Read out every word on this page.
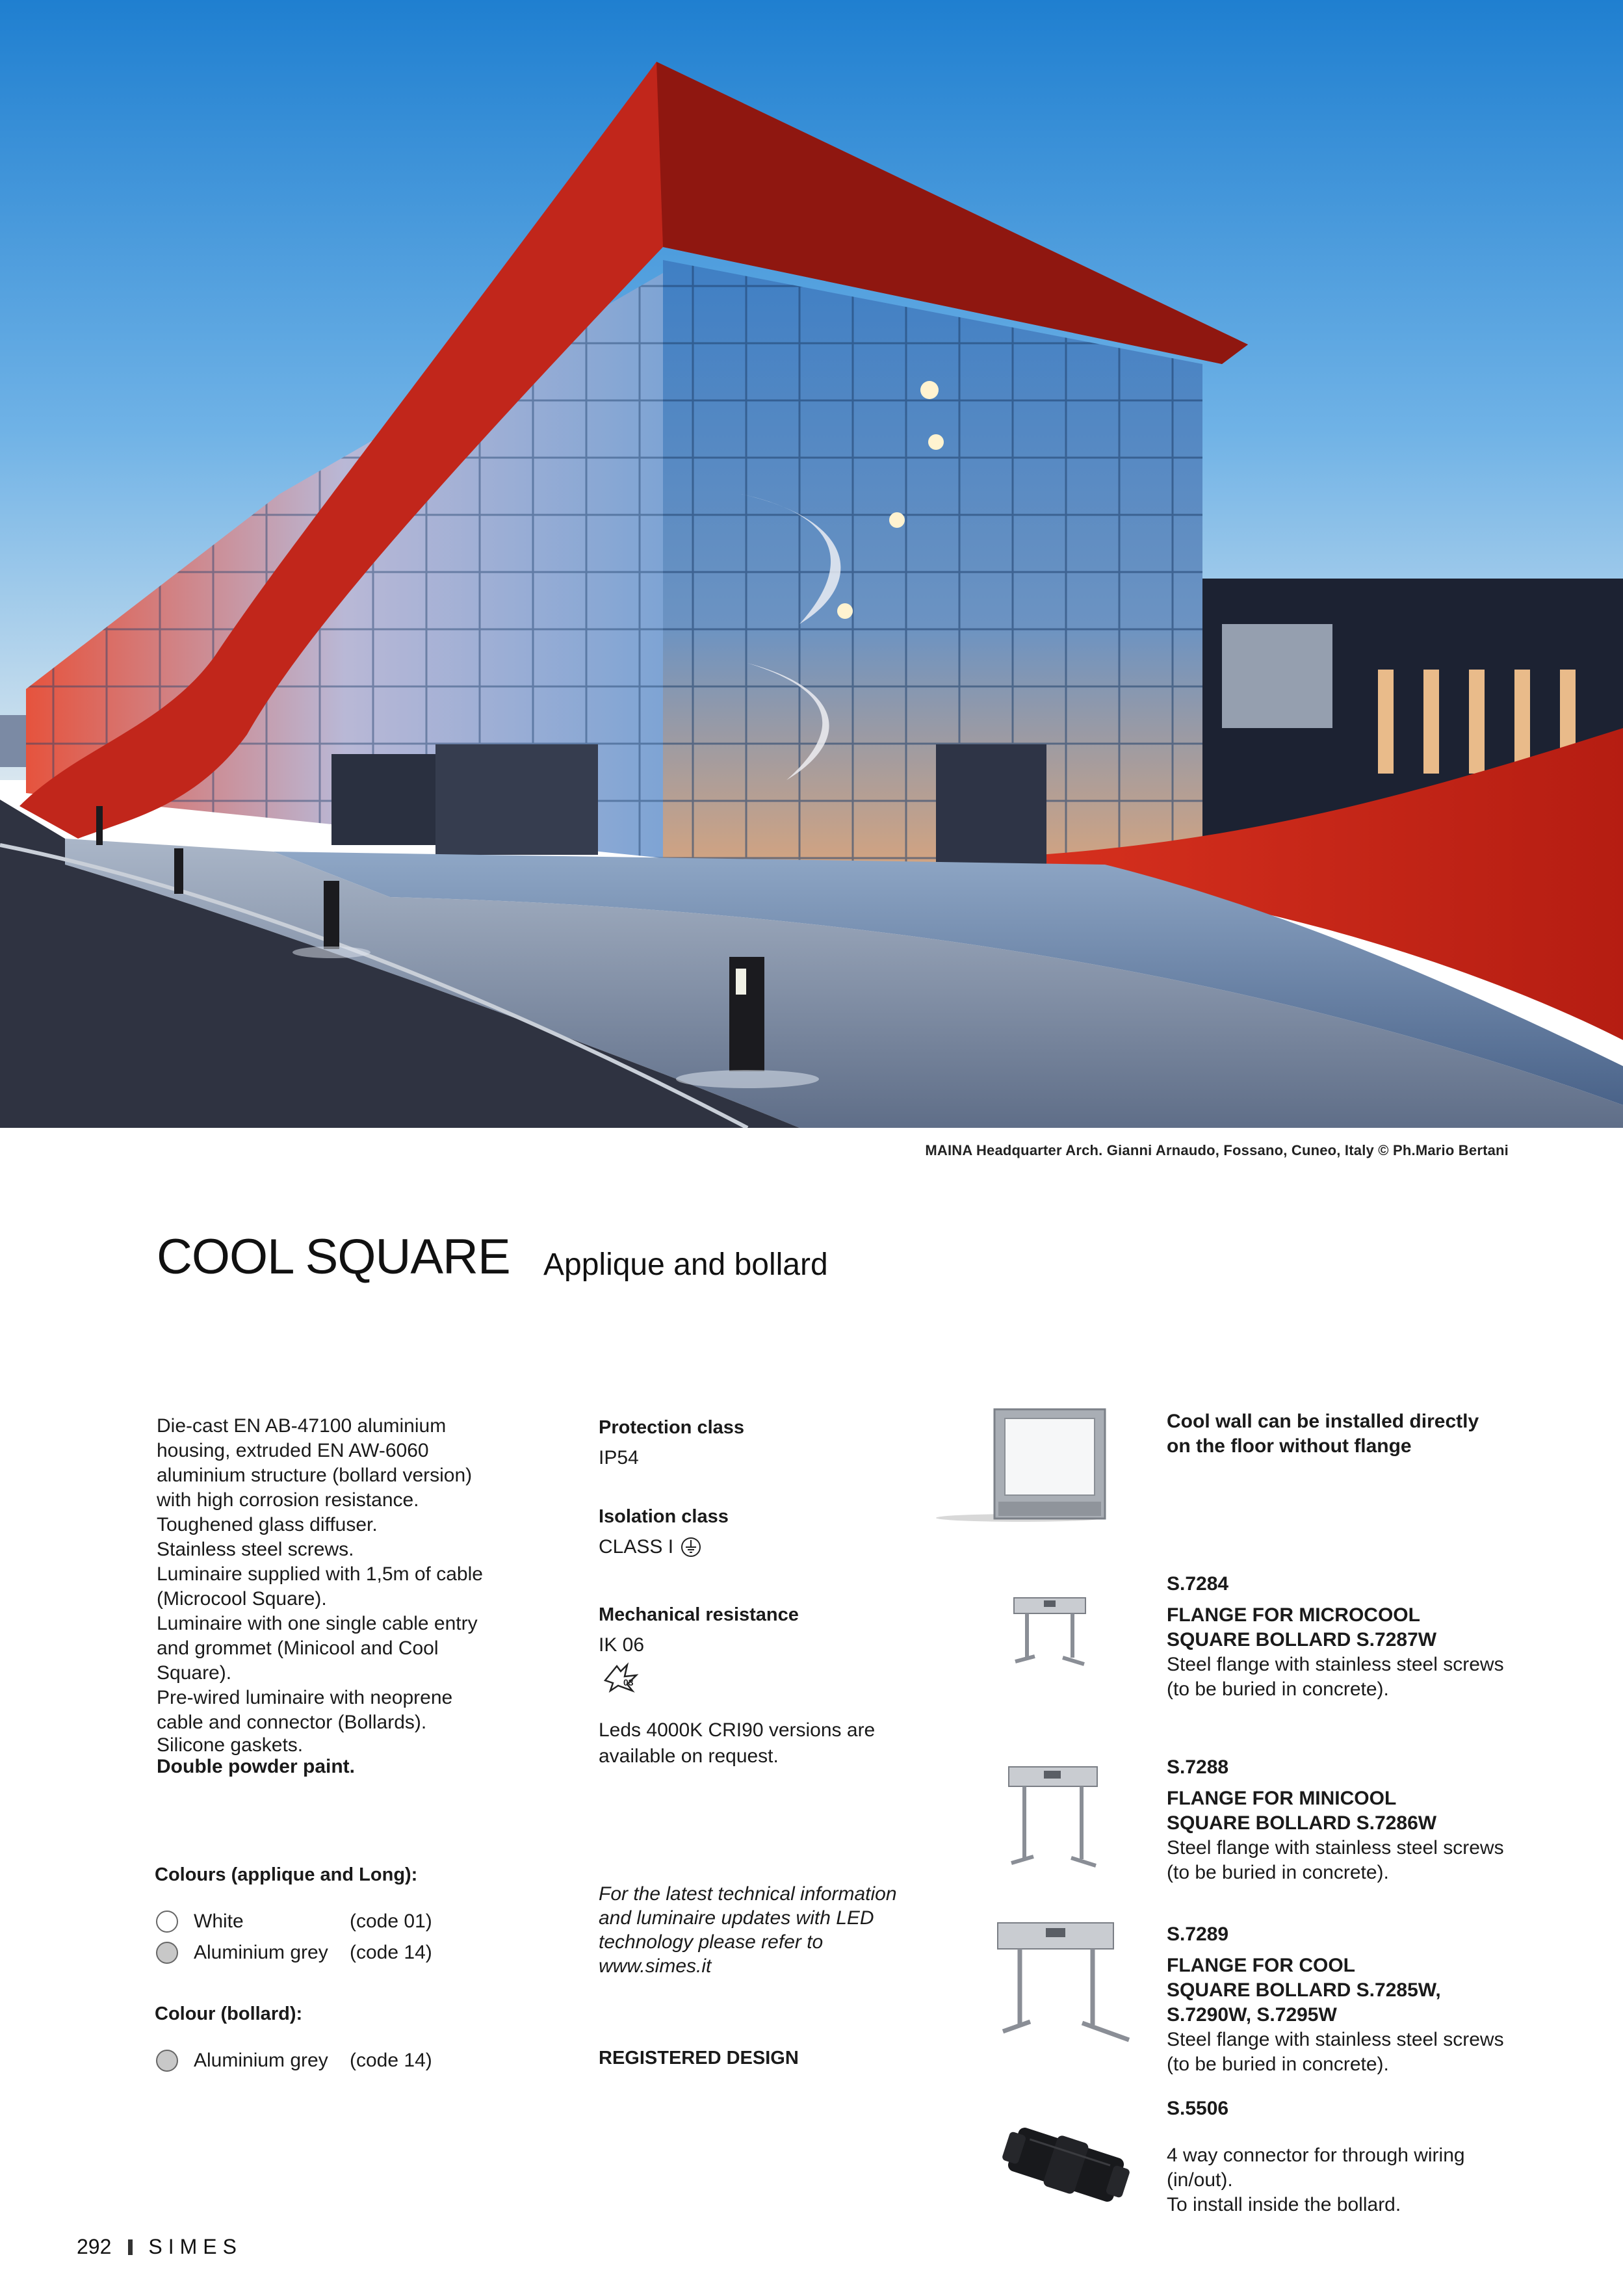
MAINA Headquarter Arch. Gianni Arnaudo, Fossano, Cuneo, Italy © Ph.Mario Bertani
COOL SQUARE Applique and bollard

Die-cast EN AB-47100 aluminium

housing, extruded EN AW-6060

aluminium structure (bollard version)

with high corrosion resistance.

Toughened glass diffuser.

Stainless steel screws.

Luminaire supplied with 1,5m of cable

(Microcool Square).

Luminaire with one single cable entry

and grommet (Minicool and Cool

Square).

Pre-wired luminaire with neoprene

cable and connector (Bollards).

Silicone gaskets.

Double powder paint.

Colours (applique and Long):
White	(code 01)
Aluminium grey	(code 14)
Colour (bollard):
Aluminium grey	(code 14)
Protection class
IP54
Isolation class
CLASS I
Mechanical resistance
IK 06
03
Leds 4000K CRI90 versions are
available on request.
For the latest technical information
and luminaire updates with LED
technology please refer to
www.simes.it
REGISTERED DESIGN

Cool wall can be installed directly

on the floor without flange

S.7284

FLANGE FOR MICROCOOL

SQUARE BOLLARD S.7287W

Steel flange with stainless steel screws

(to be buried in concrete).

S.7288

FLANGE FOR MINICOOL

SQUARE BOLLARD S.7286W

Steel flange with stainless steel screws

(to be buried in concrete).

S.7289

FLANGE FOR COOL

SQUARE BOLLARD S.7285W,

S.7290W, S.7295W

Steel flange with stainless steel screws

(to be buried in concrete).

S.5506

4 way connector for through wiring

(in/out).

To install inside the bollard.

292 SIMES
